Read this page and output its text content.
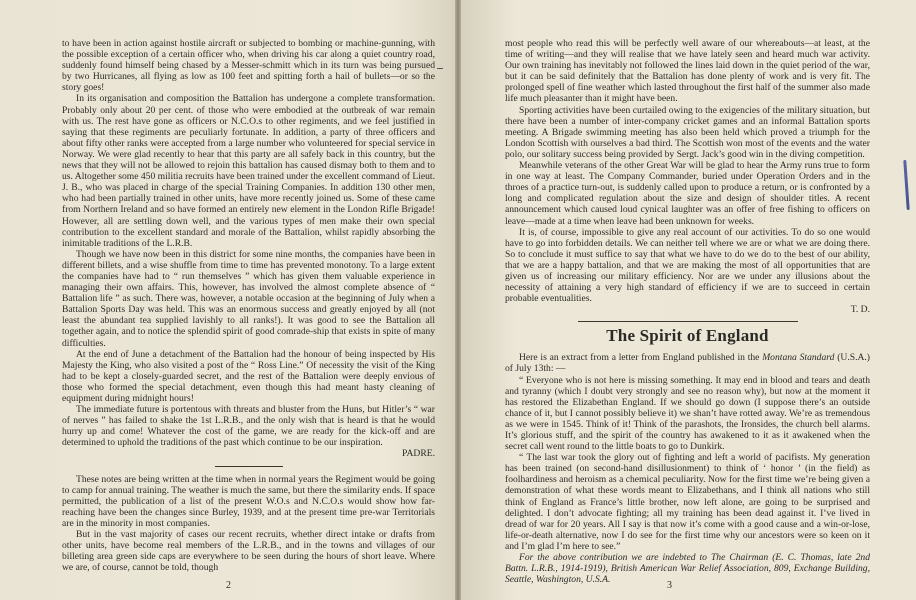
to have been in action against hostile aircraft or subjected to bombing or machine-gunning, with the possible exception of a certain officer who, when driving his car along a quiet country road, suddenly found himself being chased by a Messer-schmitt which in its turn was being pursued by two Hurricanes, all flying as low as 100 feet and spitting forth a hail of bullets—or so the story goes!

In its organisation and composition the Battalion has undergone a complete transformation. Probably only about 20 per cent. of those who were embodied at the outbreak of war remain with us. The rest have gone as officers or N.C.O.s to other regiments, and we feel justified in saying that these regiments are peculiarly fortunate. In addition, a party of three officers and about fifty other ranks were accepted from a large number who volunteered for special service in Norway. We were glad recently to hear that this party are all safely back in this country, but the news that they will not be allowed to rejoin this battalion has caused dismay both to them and to us. Altogether some 450 militia recruits have been trained under the excellent command of Lieut. J. B., who was placed in charge of the special Training Companies. In addition 130 other men, who had been partially trained in other units, have more recently joined us. Some of these came from Northern Ireland and so have formed an entirely new element in the London Rifle Brigade! However, all are settling down well, and the various types of men make their own special contribution to the excellent standard and morale of the Battalion, whilst rapidly absorbing the inimitable traditions of the L.R.B.

Though we have now been in this district for some nine months, the companies have been in different billets, and a wise shuffle from time to time has prevented monotony. To a large extent the companies have had to “ run themselves ” which has given them valuable experience in managing their own affairs. This, however, has involved the almost complete absence of “ Battalion life ” as such. There was, however, a notable occasion at the beginning of July when a Battalion Sports Day was held. This was an enormous success and greatly enjoyed by all (not least the abundant tea supplied lavishly to all ranks!). It was good to see the Battalion all together again, and to notice the splendid spirit of good comrade-ship that exists in spite of many difficulties.

At the end of June a detachment of the Battalion had the honour of being inspected by His Majesty the King, who also visited a post of the “ Ross Line.” Of necessity the visit of the King had to be kept a closely-guarded secret, and the rest of the Battalion were deeply envious of those who formed the special detachment, even though this had meant hasty cleaning of equipment during midnight hours!

The immediate future is portentous with threats and bluster from the Huns, but Hitler’s “ war of nerves ” has failed to shake the 1st L.R.B., and the only wish that is heard is that he would hurry up and come! Whatever the cost of the game, we are ready for the kick-off and are determined to uphold the traditions of the past which continue to be our inspiration.

PADRE.

These notes are being written at the time when in normal years the Regiment would be going to camp for annual training. The weather is much the same, but there the similarity ends. If space permitted, the publication of a list of the present W.O.s and N.C.O.s would show how far-reaching have been the changes since Burley, 1939, and at the present time pre-war Territorials are in the minority in most companies.

But in the vast majority of cases our recent recruits, whether direct intake or drafts from other units, have become real members of the L.R.B., and in the towns and villages of our billeting area green side caps are everywhere to be seen during the hours of short leave. Where we are, of course, cannot be told, though

2

most people who read this will be perfectly well aware of our whereabouts—at least, at the time of writing—and they will realise that we have lately seen and heard much war activity. Our own training has inevitably not followed the lines laid down in the quiet period of the war, but it can be said definitely that the Battalion has done plenty of work and is very fit. The prolonged spell of fine weather which lasted throughout the first half of the summer also made life much pleasanter than it might have been.

Sporting activities have been curtailed owing to the exigencies of the military situation, but there have been a number of inter-company cricket games and an informal Battalion sports meeting. A Brigade swimming meeting has also been held which proved a triumph for the London Scottish with ourselves a bad third. The Scottish won most of the events and the water polo, our solitary success being provided by Sergt. Jack’s good win in the diving competition.

Meanwhile veterans of the other Great War will be glad to hear the Army runs true to form in one way at least. The Company Commander, buried under Operation Orders and in the throes of a practice turn-out, is suddenly called upon to produce a return, or is confronted by a long and complicated regulation about the size and design of shoulder titles. A recent announcement which caused loud cynical laughter was an offer of free fishing to officers on leave—made at a time when leave had been unknown for weeks.

It is, of course, impossible to give any real account of our activities. To do so one would have to go into forbidden details. We can neither tell where we are or what we are doing there. So to conclude it must suffice to say that what we have to do we do to the best of our ability, that we are a happy battalion, and that we are making the most of all opportunities that are given us of increasing our military efficiency. Nor are we under any illusions about the necessity of attaining a very high standard of efficiency if we are to succeed in certain probable eventualities.

T. D.
The Spirit of England

Here is an extract from a letter from England published in the Montana Standard (U.S.A.) of July 13th: —

“ Everyone who is not here is missing something. It may end in blood and tears and death and tyranny (which I doubt very strongly and see no reason why), but now at the moment it has restored the Elizabethan England. If we should go down (I suppose there’s an outside chance of it, but I cannot possibly believe it) we shan’t have rotted away. We’re as tremendous as we were in 1545. Think of it! Think of the parashots, the Ironsides, the church bell alarms. It’s glorious stuff, and the spirit of the country has awakened to it as it awakened when the secret call went round to the little boats to go to Dunkirk.

“ The last war took the glory out of fighting and left a world of pacifists. My generation has been trained (on second-hand disillusionment) to think of ‘ honor ’ (in the field) as foolhardiness and heroism as a chemical peculiarity. Now for the first time we’re being given a demonstration of what these words meant to Elizabethans, and I think all nations who still think of England as France’s little brother, now left alone, are going to be surprised and delighted. I don’t advocate fighting; all my training has been dead against it. I’ve lived in dread of war for 20 years. All I say is that now it’s come with a good cause and a win-or-lose, life-or-death alternative, now I do see for the first time why our ancestors were so keen on it and I’m glad I’m here to see.”

For the above contribution we are indebted to The Chairman (E. C. Thomas, late 2nd Battn. L.R.B., 1914-1919), British American War Relief Association, 809, Exchange Building, Seattle, Washington, U.S.A.

3
